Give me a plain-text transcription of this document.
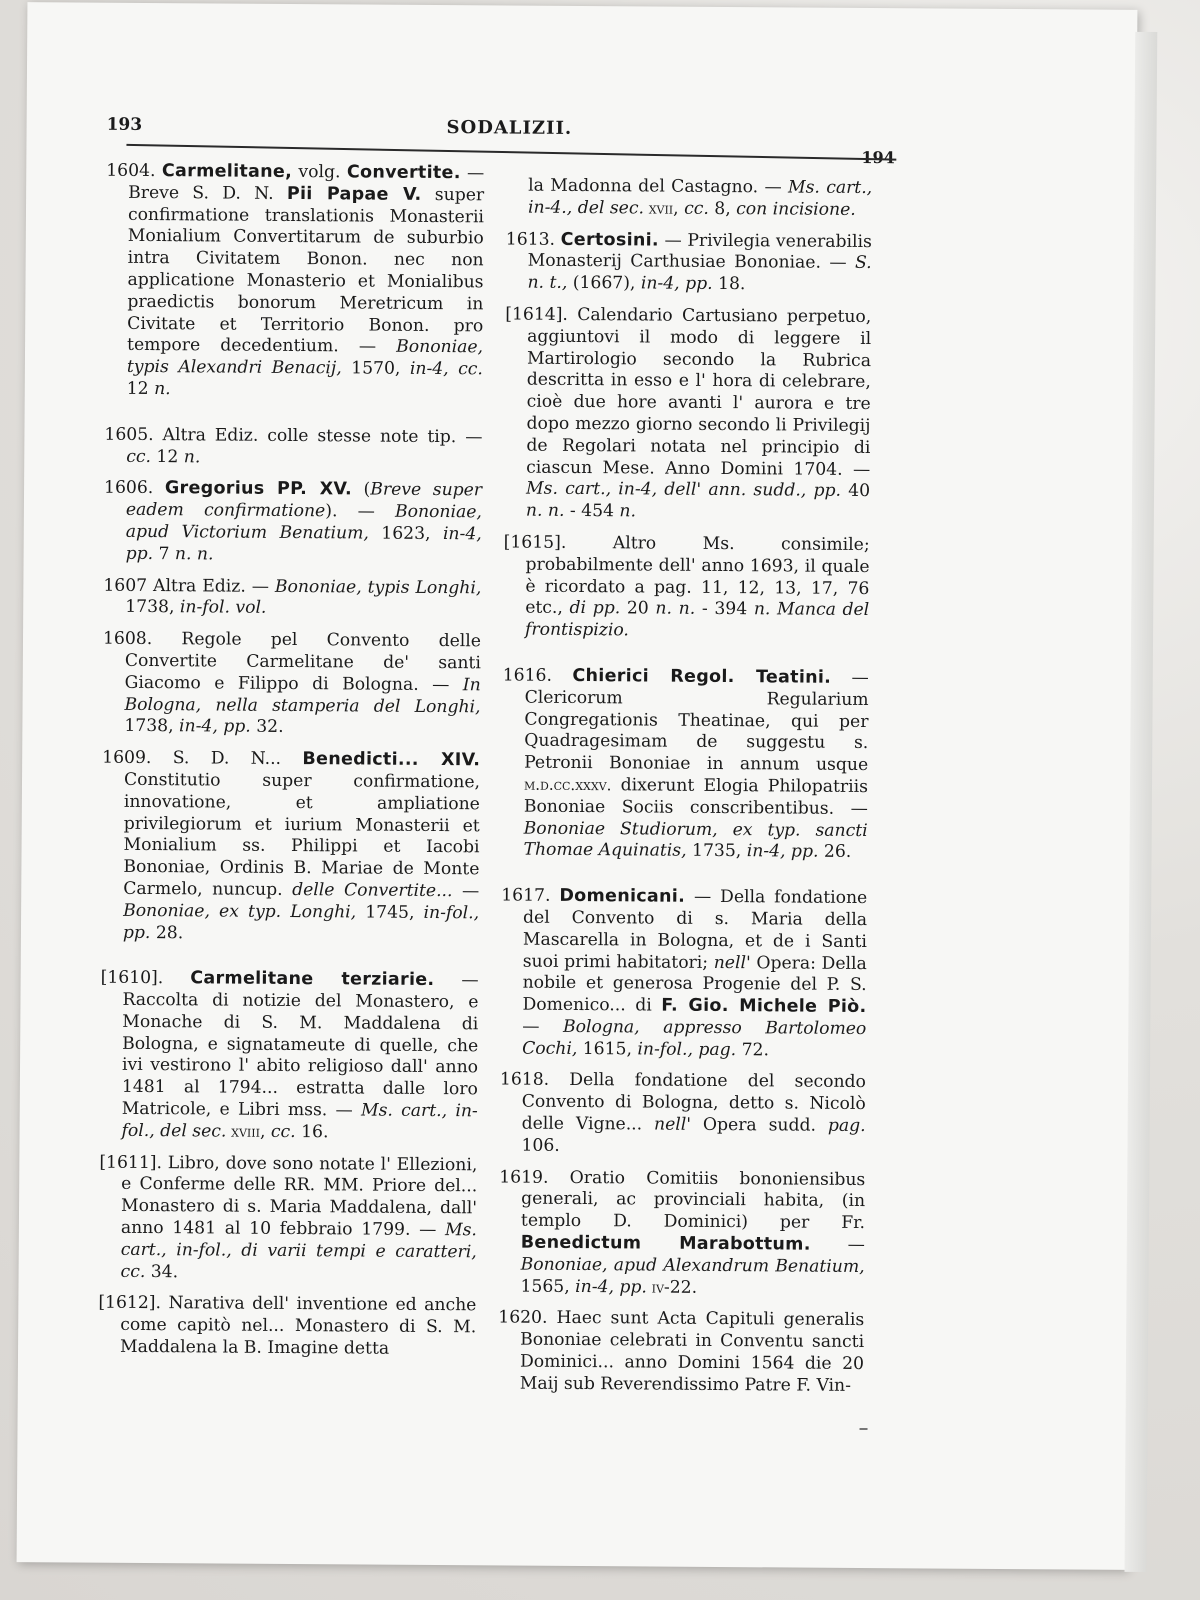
193	SODALIZII.

1604. Carmelitane, volg. Convertite. — Breve S. D. N. Pii Papae V. super confirmatione translationis Monasterii Monialium Convertitarum de suburbio intra Civitatem Bonon. nec non applicatione Monasterio et Monialibus praedictis bonorum Meretricum in Civitate et Territorio Bonon. pro tempore decedentium. — Bononiae, typis Alexandri Benacij, 1570, in-4, cc. 12 n.

1605. Altra Ediz. colle stesse note tip. — cc. 12 n.

1606. Gregorius PP. XV. (Breve super eadem confirmatione). — Bononiae, apud Victorium Benatium, 1623, in-4, pp. 7 n. n.

1607 Altra Ediz. — Bononiae, typis Longhi, 1738, in-fol. vol.

1608. Regole pel Convento delle Convertite Carmelitane de' santi Giacomo e Filippo di Bologna. — In Bologna, nella stamperia del Longhi, 1738, in-4, pp. 32.

1609. S. D. N... Benedicti... XIV. Constitutio super confirmatione, innovatione, et ampliatione privilegiorum et iurium Monasterii et Monialium ss. Philippi et Iacobi Bononiae, Ordinis B. Mariae de Monte Carmelo, nuncup. delle Convertite... — Bononiae, ex typ. Longhi, 1745, in-fol., pp. 28.

[1610]. Carmelitane terziarie. — Raccolta di notizie del Monastero, e Monache di S. M. Maddalena di Bologna, e signatameute di quelle, che ivi vestirono l' abito religioso dall' anno 1481 al 1794... estratta dalle loro Matricole, e Libri mss. — Ms. cart., in-fol., del sec. xviii, cc. 16.

[1611]. Libro, dove sono notate l' Ellezioni, e Conferme delle RR. MM. Priore del... Monastero di s. Maria Maddalena, dall' anno 1481 al 10 febbraio 1799. — Ms. cart., in-fol., di varii tempi e caratteri, cc. 34.

[1612]. Narativa dell' inventione ed anche come capitò nel... Monastero di S. M. Maddalena la B. Imagine detta

la Madonna del Castagno. — Ms. cart., in-4., del sec. xvii, cc. 8, con incisione.

1613. Certosini. — Privilegia venerabilis Monasterij Carthusiae Bononiae. — S. n. t., (1667), in-4, pp. 18.

[1614]. Calendario Cartusiano perpetuo, aggiuntovi il modo di leggere il Martirologio secondo la Rubrica descritta in esso e l' hora di celebrare, cioè due hore avanti l' aurora e tre dopo mezzo giorno secondo li Privilegij de Regolari notata nel principio di ciascun Mese. Anno Domini 1704. — Ms. cart., in-4, dell' ann. sudd., pp. 40 n. n. - 454 n.

[1615]. Altro Ms. consimile; probabilmente dell' anno 1693, il quale è ricordato a pag. 11, 12, 13, 17, 76 etc., di pp. 20 n. n. - 394 n. Manca del frontispizio.

1616. Chierici Regol. Teatini. — Clericorum Regularium Congregationis Theatinae, qui per Quadragesimam de suggestu s. Petronii Bononiae in annum usque m.d.cc.xxxv. dixerunt Elogia Philopatriis Bononiae Sociis conscribentibus. — Bononiae Studiorum, ex typ. sancti Thomae Aquinatis, 1735, in-4, pp. 26.

1617. Domenicani. — Della fondatione del Convento di s. Maria della Mascarella in Bologna, et de i Santi suoi primi habitatori; nell' Opera: Della nobile et generosa Progenie del P. S. Domenico... di F. Gio. Michele Piò. — Bologna, appresso Bartolomeo Cochi, 1615, in-fol., pag. 72.

1618. Della fondatione del secondo Convento di Bologna, detto s. Nicolò delle Vigne... nell' Opera sudd. pag. 106.

1619. Oratio Comitiis bononiensibus generali, ac provinciali habita, (in templo D. Dominici) per Fr. Benedictum Marabottum. — Bononiae, apud Alexandrum Benatium, 1565, in-4, pp. iv-22.

1620. Haec sunt Acta Capituli generalis Bononiae celebrati in Conventu sancti Dominici... anno Domini 1564 die 20 Maij sub Reverendissimo Patre F. Vin-
